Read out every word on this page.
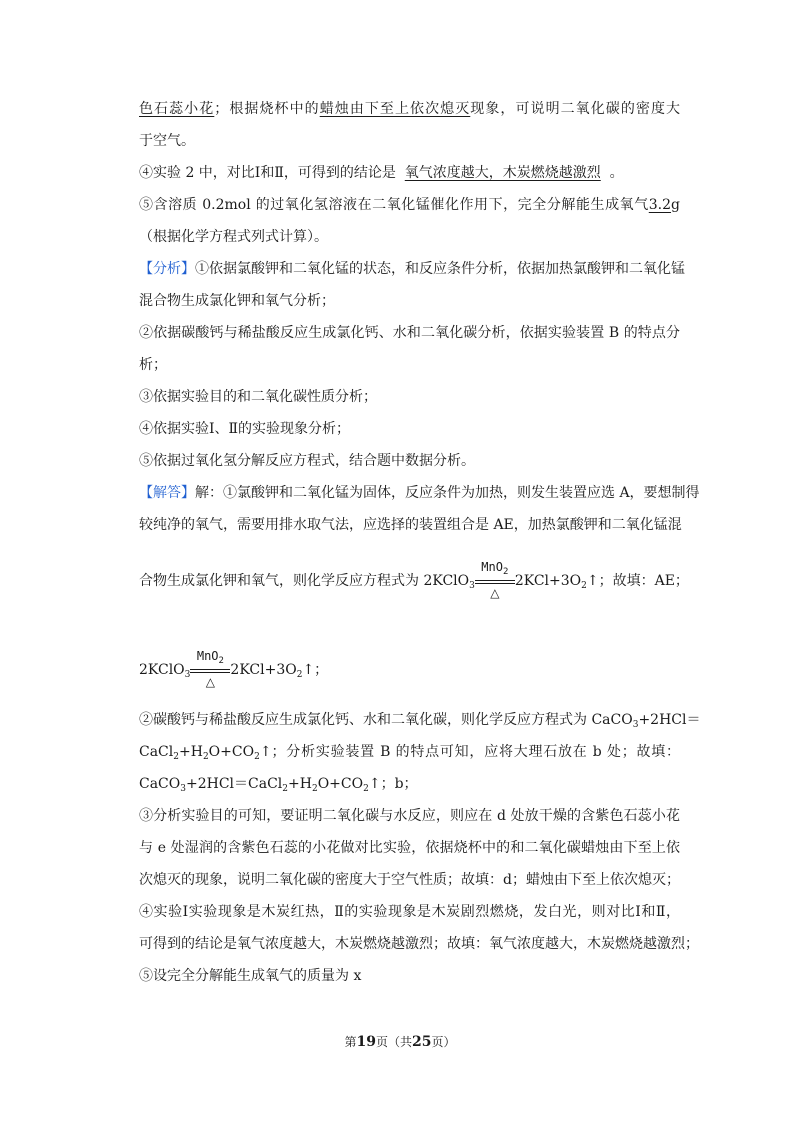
色石蕊小花；根据烧杯中的蜡烛由下至上依次熄灭现象，可说明二氧化碳的密度大
于空气。
④实验 2 中，对比Ⅰ和Ⅱ，可得到的结论是 氧气浓度越大，木炭燃烧越激烈 。
⑤含溶质 0.2mol 的过氧化氢溶液在二氧化锰催化作用下，完全分解能生成氧气3.2g
（根据化学方程式列式计算）。
【分析】①依据氯酸钾和二氧化锰的状态，和反应条件分析，依据加热氯酸钾和二氧化锰
混合物生成氯化钾和氧气分析；
②依据碳酸钙与稀盐酸反应生成氯化钙、水和二氧化碳分析，依据实验装置 B 的特点分
析；
③依据实验目的和二氧化碳性质分析；
④依据实验Ⅰ、Ⅱ的实验现象分析；
⑤依据过氧化氢分解反应方程式，结合题中数据分析。
【解答】解：①氯酸钾和二氧化锰为固体，反应条件为加热，则发生装置应选 A，要想制得
较纯净的氧气，需要用排水取气法，应选择的装置组合是 AE，加热氯酸钾和二氧化锰混
合物生成氯化钾和氧气，则化学反应方程式为 2KClO$_3$
MnO$_2$
△
$2KCl+3O_2↑$；故填：AE；
2KClO$_3$
MnO$_2$
△
$2KCl+3O_2↑$；
②碳酸钙与稀盐酸反应生成氯化钙、水和二氧化碳，则化学反应方程式为 CaCO$_3$+2HCl＝
$CaCl_2+H_2O+CO_2↑$；分析实验装置 B 的特点可知，应将大理石放在 b 处；故填：
$CaCO_3+2HCl=CaCl_2+H_2O+CO_2↑$；b；
③分析实验目的可知，要证明二氧化碳与水反应，则应在 d 处放干燥的含紫色石蕊小花
与 e 处湿润的含紫色石蕊的小花做对比实验，依据烧杯中的和二氧化碳蜡烛由下至上依
次熄灭的现象，说明二氧化碳的密度大于空气性质；故填：d；蜡烛由下至上依次熄灭；
④实验Ⅰ实验现象是木炭红热，Ⅱ的实验现象是木炭剧烈燃烧，发白光，则对比Ⅰ和Ⅱ，
可得到的结论是氧气浓度越大，木炭燃烧越激烈；故填：氧气浓度越大，木炭燃烧越激烈；
⑤设完全分解能生成氧气的质量为 x
第19页（共25页）
